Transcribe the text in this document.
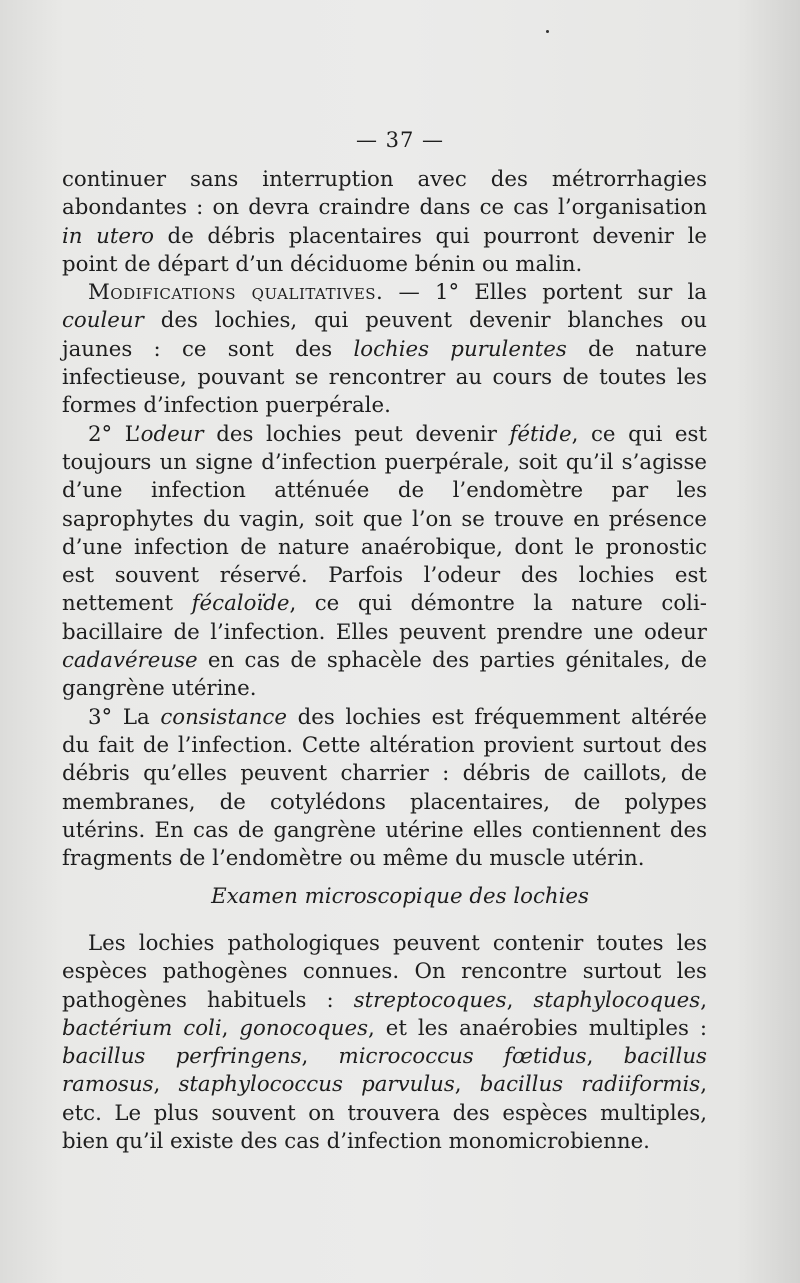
— 37 —

continuer sans interruption avec des métrorrhagies abondantes : on devra craindre dans ce cas l’organisation in utero de débris placentaires qui pourront devenir le point de départ d’un déciduome bénin ou malin.

Modifications qualitatives. — 1° Elles portent sur la couleur des lochies, qui peuvent devenir blanches ou jaunes : ce sont des lochies purulentes de nature infectieuse, pouvant se rencontrer au cours de toutes les formes d’infection puerpérale.

2° L’odeur des lochies peut devenir fétide, ce qui est toujours un signe d’infection puerpérale, soit qu’il s’agisse d’une infection atténuée de l’endomètre par les saprophytes du vagin, soit que l’on se trouve en présence d’une infection de nature anaérobique, dont le pronostic est souvent réservé. Parfois l’odeur des lochies est nettement fécaloïde, ce qui démontre la nature coli-bacillaire de l’infection. Elles peuvent prendre une odeur cadavéreuse en cas de sphacèle des parties génitales, de gangrène utérine.

3° La consistance des lochies est fréquemment altérée du fait de l’infection. Cette altération provient surtout des débris qu’elles peuvent charrier : débris de caillots, de membranes, de cotylédons placentaires, de polypes utérins. En cas de gangrène utérine elles contiennent des fragments de l’endomètre ou même du muscle utérin.

Examen microscopique des lochies

Les lochies pathologiques peuvent contenir toutes les espèces pathogènes connues. On rencontre surtout les pathogènes habituels : streptocoques, staphylocoques, bactérium coli, gonocoques, et les anaérobies multiples : bacillus perfringens, micrococcus fœtidus, bacillus ramosus, staphylococcus parvulus, bacillus radiiformis, etc. Le plus souvent on trouvera des espèces multiples, bien qu’il existe des cas d’infection monomicrobienne.
